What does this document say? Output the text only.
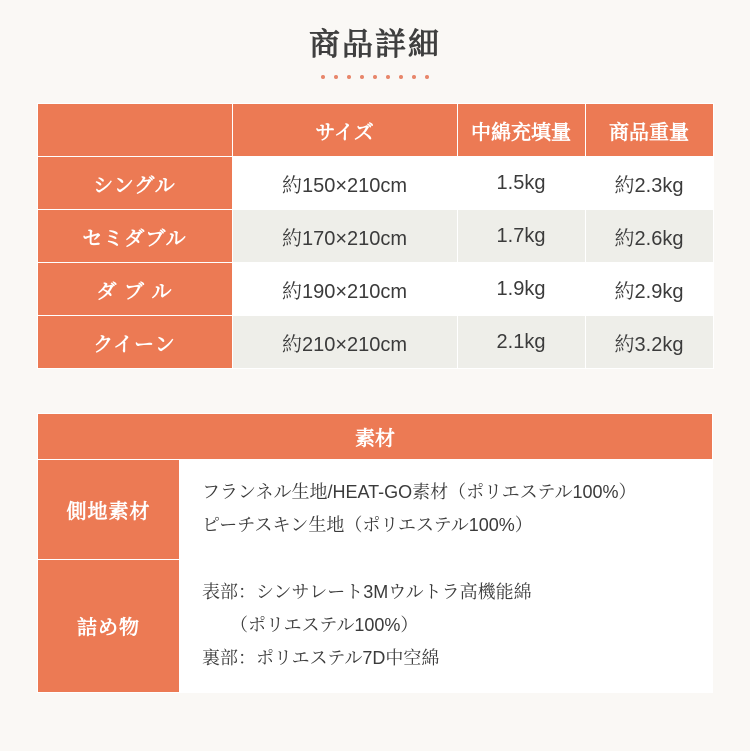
商品詳細
	サイズ	中綿充填量	商品重量
シングル	約150×210cm	1.5kg	約2.3kg
セミダブル	約170×210cm	1.7kg	約2.6kg
ダ ブ ル	約190×210cm	1.9kg	約2.9kg
クイーン	約210×210cm	2.1kg	約3.2kg
素材	
側地素材	フランネル生地/HEAT-GO素材（ポリエステル100%）
ピーチスキン生地（ポリエステル100%）
詰め物	表部：シンサレート3Mウルトラ高機能綿

（ポリエステル100%）
裏部：ポリエステル7D中空綿
